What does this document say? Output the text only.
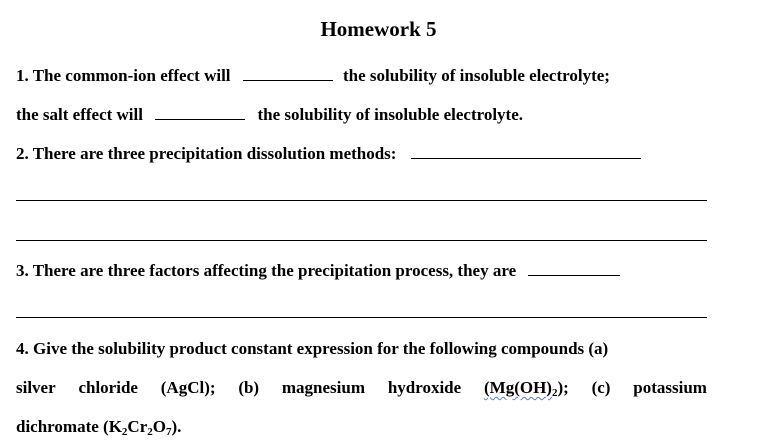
Homework 5
1. The common-ion effect will	the solubility of insoluble electrolyte;
the salt effect will	the solubility of insoluble electrolyte.
2. There are three precipitation dissolution methods:
3. There are three factors affecting the precipitation process, they are
4. Give the solubility product constant expression for the following compounds (a)
silver chloride (AgCl); (b) magnesium hydroxide $(Mg(OH)_2)$; (c) potassium
dichromate $(K_2Cr_2O_7)$.
